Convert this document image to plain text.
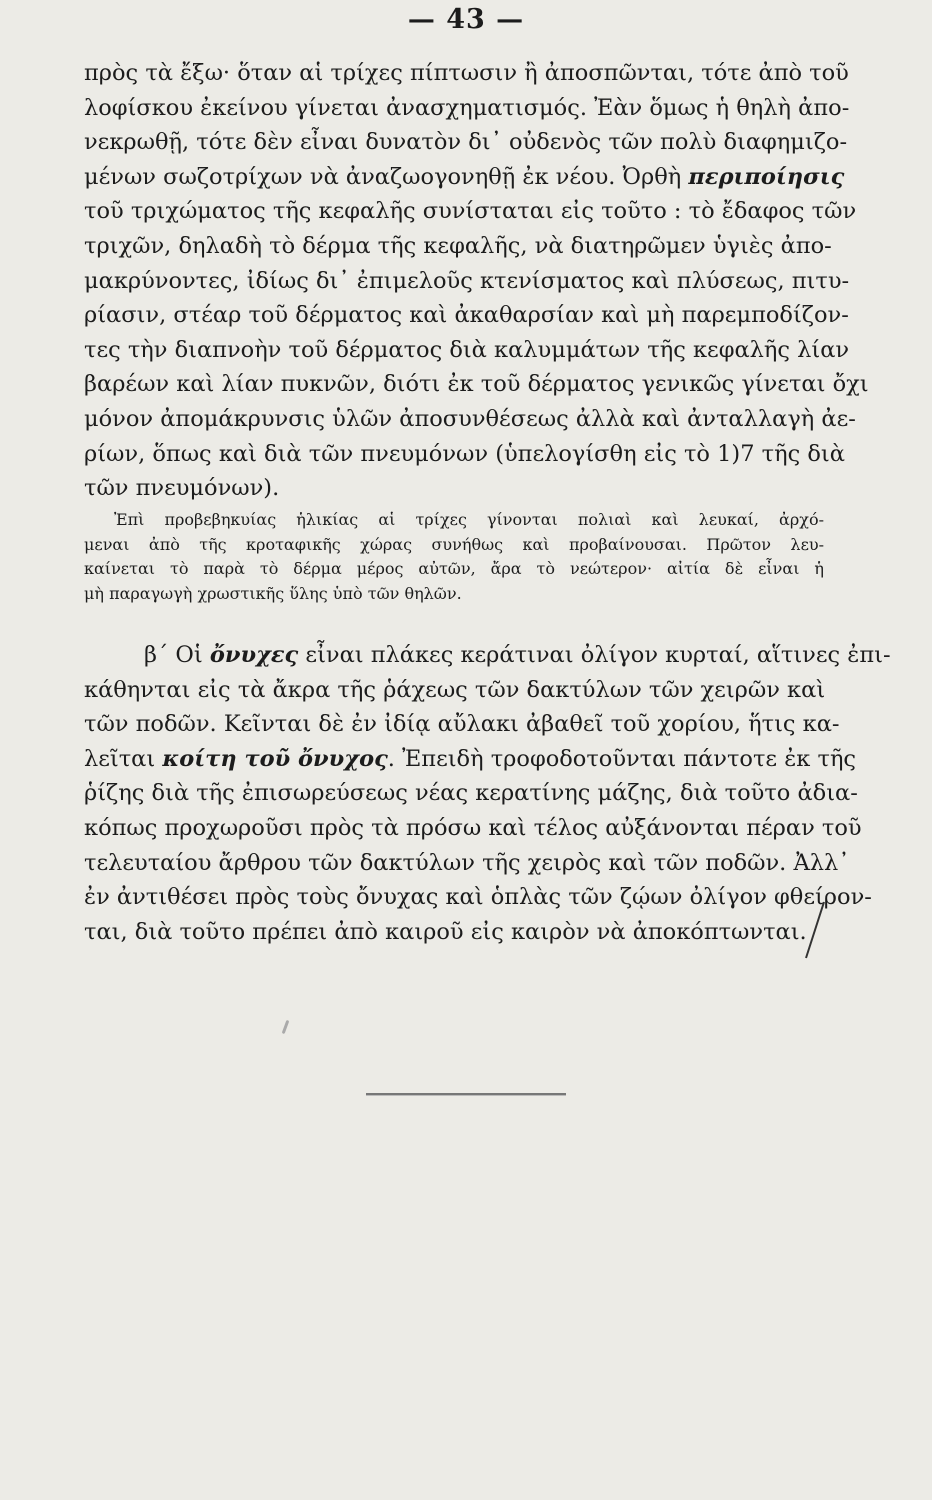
— 43 —
πρὸς τὰ ἔξω· ὅταν αἱ τρίχες πίπτωσιν ἢ ἀποσπῶνται, τότε ἀπὸ τοῦ
λοφίσκου ἐκείνου γίνεται ἀνασχηματισμός. Ἐὰν ὅμως ἡ θηλὴ ἀπο-
νεκρωθῇ, τότε δὲν εἶναι δυνατὸν δι᾽ οὐδενὸς τῶν πολὺ διαφημιζο-
μένων σωζοτρίχων νὰ ἀναζωογονηθῇ ἐκ νέου. Ὀρθὴ περιποίησις
τοῦ τριχώματος τῆς κεφαλῆς συνίσταται εἰς τοῦτο : τὸ ἔδαφος τῶν
τριχῶν, δηλαδὴ τὸ δέρμα τῆς κεφαλῆς, νὰ διατηρῶμεν ὑγιὲς ἀπο-
μακρύνοντες, ἰδίως δι᾽ ἐπιμελοῦς κτενίσματος καὶ πλύσεως, πιτυ-
ρίασιν, στέαρ τοῦ δέρματος καὶ ἀκαθαρσίαν καὶ μὴ παρεμποδίζον-
τες τὴν διαπνοὴν τοῦ δέρματος διὰ καλυμμάτων τῆς κεφαλῆς λίαν
βαρέων καὶ λίαν πυκνῶν, διότι ἐκ τοῦ δέρματος γενικῶς γίνεται ὄχι
μόνον ἀπομάκρυνσις ὑλῶν ἀποσυνθέσεως ἀλλὰ καὶ ἀνταλλαγὴ ἀε-
ρίων, ὅπως καὶ διὰ τῶν πνευμόνων (ὑπελογίσθη εἰς τὸ 1)7 τῆς διὰ
τῶν πνευμόνων).
Ἐπὶ προβεβηκυίας ἡλικίας αἱ τρίχες γίνονται πολιαὶ καὶ λευκαί, ἀρχό-
μεναι ἀπὸ τῆς κροταφικῆς χώρας συνήθως καὶ προβαίνουσαι. Πρῶτον λευ-
καίνεται τὸ παρὰ τὸ δέρμα μέρος αὐτῶν, ἄρα τὸ νεώτερον· αἰτία δὲ εἶναι ἡ
μὴ παραγωγὴ χρωστικῆς ὕλης ὑπὸ τῶν θηλῶν.
β´ Οἱ ὄνυχες εἶναι πλάκες κεράτιναι ὀλίγον κυρταί, αἵτινες ἐπι-
κάθηνται εἰς τὰ ἄκρα τῆς ῥάχεως τῶν δακτύλων τῶν χειρῶν καὶ
τῶν ποδῶν. Κεῖνται δὲ ἐν ἰδίᾳ αὔλακι ἀβαθεῖ τοῦ χορίου, ἥτις κα-
λεῖται κοίτη τοῦ ὄνυχος. Ἐπειδὴ τροφοδοτοῦνται πάντοτε ἐκ τῆς
ῥίζης διὰ τῆς ἐπισωρεύσεως νέας κερατίνης μάζης, διὰ τοῦτο ἀδια-
κόπως προχωροῦσι πρὸς τὰ πρόσω καὶ τέλος αὐξάνονται πέραν τοῦ
τελευταίου ἄρθρου τῶν δακτύλων τῆς χειρὸς καὶ τῶν ποδῶν. Ἀλλ᾽
ἐν ἀντιθέσει πρὸς τοὺς ὄνυχας καὶ ὁπλὰς τῶν ζῴων ὀλίγον φθείρον-
ται, διὰ τοῦτο πρέπει ἀπὸ καιροῦ εἰς καιρὸν νὰ ἀποκόπτωνται.
